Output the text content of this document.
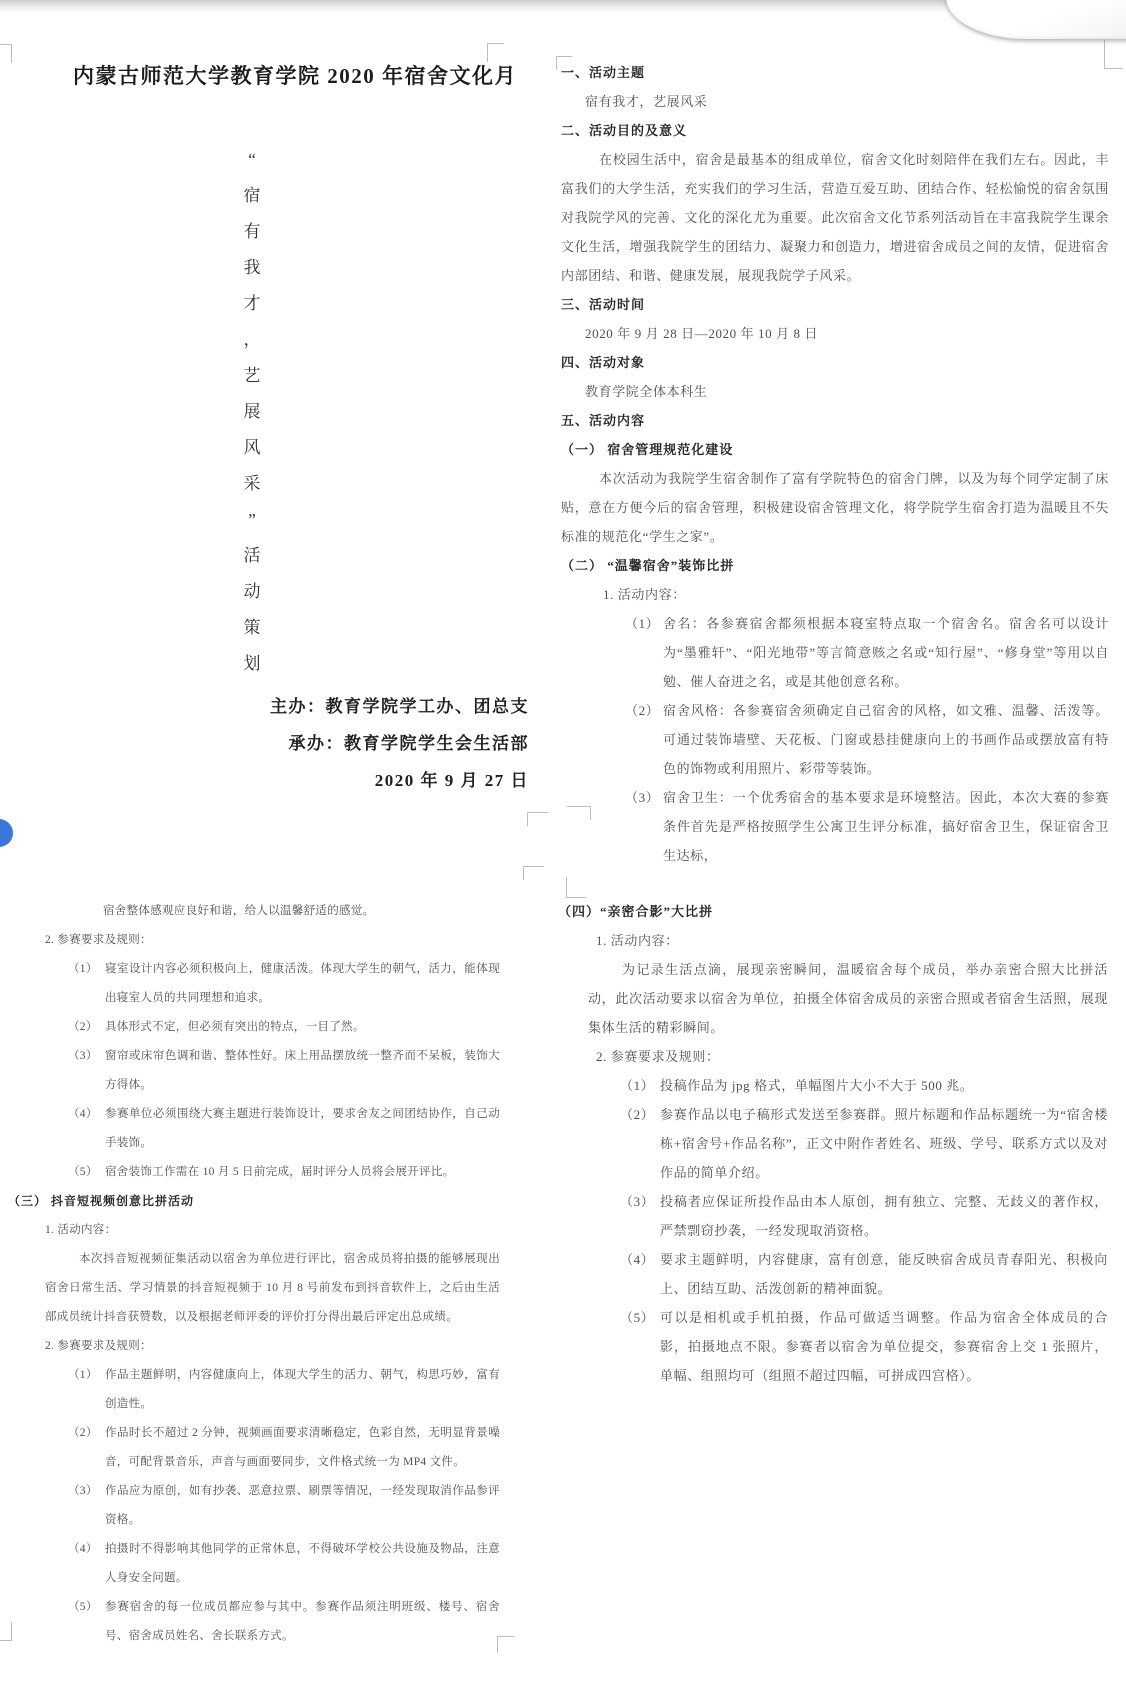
内蒙古师范大学教育学院 2020 年宿舍文化月
“
宿
有
我
才
，
艺
展
风
采
”
活
动
策
划
主办：教育学院学工办、团总支
承办：教育学院学生会生活部
2020 年 9 月 27 日
一、活动主题
宿有我才，艺展风采
二、活动目的及意义
在校园生活中，宿舍是最基本的组成单位，宿舍文化时刻陪伴在我们左右。因此，丰富我们的大学生活，充实我们的学习生活，营造互爱互助、团结合作、轻松愉悦的宿舍氛围对我院学风的完善、文化的深化尤为重要。此次宿舍文化节系列活动旨在丰富我院学生课余文化生活，增强我院学生的团结力、凝聚力和创造力，增进宿舍成员之间的友情，促进宿舍内部团结、和谐、健康发展，展现我院学子风采。
三、活动时间
2020 年 9 月 28 日—2020 年 10 月 8 日
四、活动对象
教育学院全体本科生
五、活动内容
（一） 宿舍管理规范化建设
本次活动为我院学生宿舍制作了富有学院特色的宿舍门牌，以及为每个同学定制了床贴，意在方便今后的宿舍管理，积极建设宿舍管理文化，将学院学生宿舍打造为温暖且不失标准的规范化“学生之家”。
（二） “温馨宿舍”装饰比拼
1. 活动内容：
（1） 舍名：各参赛宿舍都须根据本寝室特点取一个宿舍名。宿舍名可以设计为“墨雅轩”、“阳光地带”等言简意赅之名或“知行屋”、“修身堂”等用以自勉、催人奋进之名，或是其他创意名称。
（2） 宿舍风格：各参赛宿舍须确定自己宿舍的风格，如文雅、温馨、活泼等。可通过装饰墙壁、天花板、门窗或悬挂健康向上的书画作品或摆放富有特色的饰物或利用照片、彩带等装饰。
（3） 宿舍卫生：一个优秀宿舍的基本要求是环境整洁。因此，本次大赛的参赛条件首先是严格按照学生公寓卫生评分标准，搞好宿舍卫生，保证宿舍卫生达标，
宿舍整体感观应良好和谐，给人以温馨舒适的感觉。
2. 参赛要求及规则：
（1） 寝室设计内容必须积极向上，健康活泼。体现大学生的朝气，活力，能体现出寝室人员的共同理想和追求。
（2） 具体形式不定，但必须有突出的特点，一目了然。
（3） 窗帘或床帘色调和谐、整体性好。床上用品摆放统一整齐而不呆板，装饰大方得体。
（4） 参赛单位必须围绕大赛主题进行装饰设计，要求舍友之间团结协作，自己动手装饰。
（5） 宿舍装饰工作需在 10 月 5 日前完成，届时评分人员将会展开评比。
（三） 抖音短视频创意比拼活动
1. 活动内容：
本次抖音短视频征集活动以宿舍为单位进行评比，宿舍成员将拍摄的能够展现出宿舍日常生活、学习情景的抖音短视频于 10 月 8 号前发布到抖音软件上，之后由生活部成员统计抖音获赞数，以及根据老师评委的评价打分得出最后评定出总成绩。
2. 参赛要求及规则：
（1） 作品主题鲜明，内容健康向上，体现大学生的活力、朝气，构思巧妙，富有创造性。
（2） 作品时长不超过 2 分钟，视频画面要求清晰稳定，色彩自然，无明显背景噪音，可配背景音乐，声音与画面要同步，文件格式统一为 MP4 文件。
（3） 作品应为原创，如有抄袭、恶意拉票、刷票等情况，一经发现取消作品参评资格。
（4） 拍摄时不得影响其他同学的正常休息，不得破坏学校公共设施及物品，注意人身安全问题。
（5） 参赛宿舍的每一位成员都应参与其中。参赛作品须注明班级、楼号、宿舍号、宿舍成员姓名、舍长联系方式。
（四）“亲密合影”大比拼
1. 活动内容：
为记录生活点滴，展现亲密瞬间，温暖宿舍每个成员，举办亲密合照大比拼活动，此次活动要求以宿舍为单位，拍摄全体宿舍成员的亲密合照或者宿舍生活照，展现集体生活的精彩瞬间。
2. 参赛要求及规则：
（1） 投稿作品为 jpg 格式，单幅图片大小不大于 500 兆。
（2） 参赛作品以电子稿形式发送至参赛群。照片标题和作品标题统一为“宿舍楼栋+宿舍号+作品名称”，正文中附作者姓名、班级、学号、联系方式以及对作品的简单介绍。
（3） 投稿者应保证所投作品由本人原创，拥有独立、完整、无歧义的著作权，严禁剽窃抄袭，一经发现取消资格。
（4） 要求主题鲜明，内容健康，富有创意，能反映宿舍成员青春阳光、积极向上、团结互助、活泼创新的精神面貌。
（5） 可以是相机或手机拍摄，作品可做适当调整。作品为宿舍全体成员的合影，拍摄地点不限。参赛者以宿舍为单位提交，参赛宿舍上交 1 张照片，单幅、组照均可（组照不超过四幅，可拼成四宫格）。
